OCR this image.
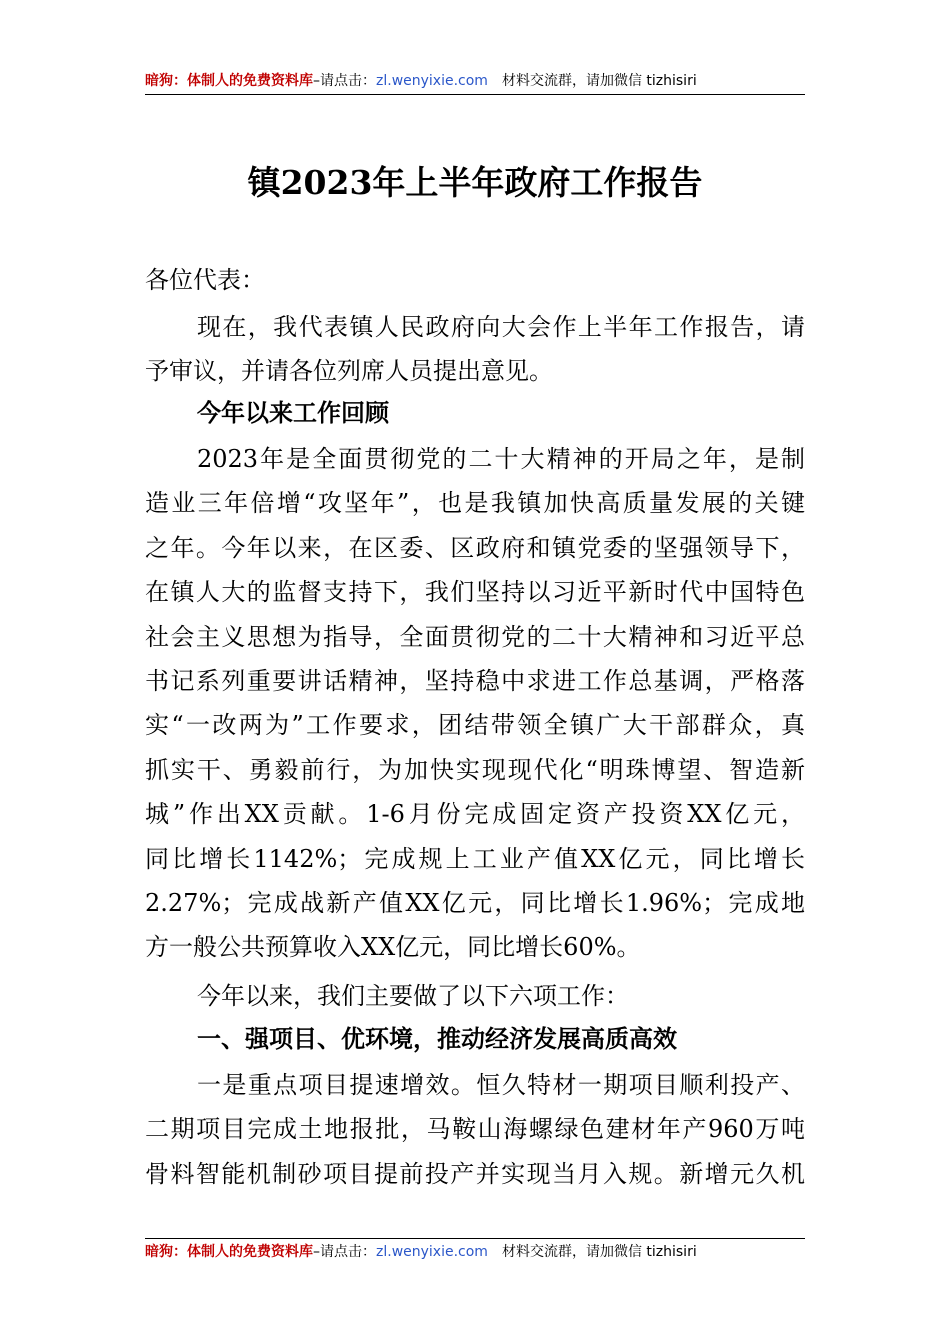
暗狗：体制人的免费资料库–请点击：zl.wenyixie.com 材料交流群，请加微信 tizhisiri
镇2023年上半年政府工作报告
各位代表：
现在，我代表镇人民政府向大会作上半年工作报告，请
予审议，并请各位列席人员提出意见。
今年以来工作回顾
2023年是全面贯彻党的二十大精神的开局之年，是制
造业三年倍增“攻坚年”，也是我镇加快高质量发展的关键
之年。今年以来，在区委、区政府和镇党委的坚强领导下，
在镇人大的监督支持下，我们坚持以习近平新时代中国特色
社会主义思想为指导，全面贯彻党的二十大精神和习近平总
书记系列重要讲话精神，坚持稳中求进工作总基调，严格落
实“一改两为”工作要求，团结带领全镇广大干部群众，真
抓实干、勇毅前行，为加快实现现代化“明珠博望、智造新
城”作出XX贡献。1-6月份完成固定资产投资XX亿元，
同比增长1142%；完成规上工业产值XX亿元，同比增长
2.27%；完成战新产值XX亿元，同比增长1.96%；完成地
方一般公共预算收入XX亿元，同比增长60%。
今年以来，我们主要做了以下六项工作：
一、强项目、优环境，推动经济发展高质高效
一是重点项目提速增效。恒久特材一期项目顺利投产、
二期项目完成土地报批，马鞍山海螺绿色建材年产960万吨
骨料智能机制砂项目提前投产并实现当月入规。新增元久机
暗狗：体制人的免费资料库–请点击：zl.wenyixie.com 材料交流群，请加微信 tizhisiri
